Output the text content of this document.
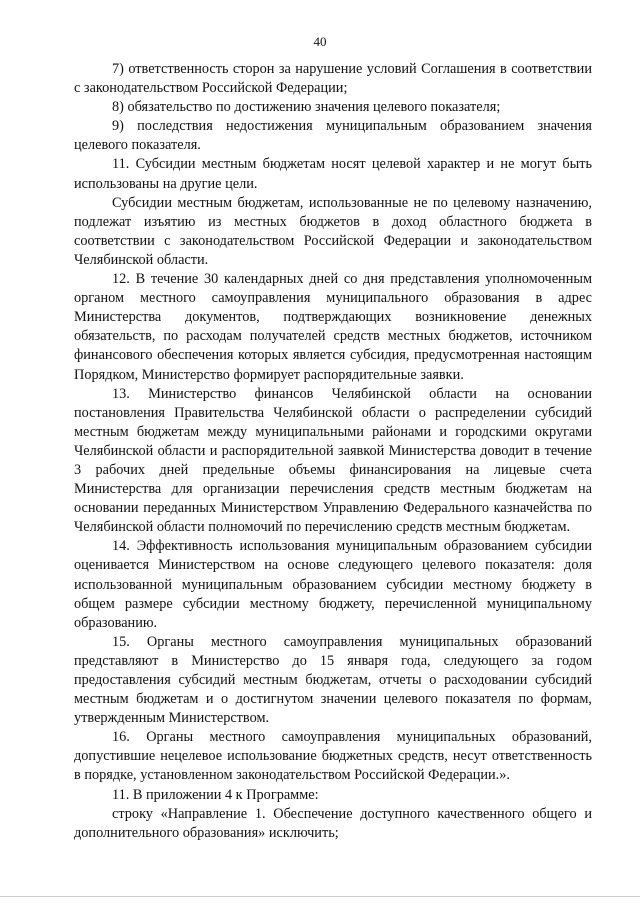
40

7) ответственность сторон за нарушение условий Соглашения в соответствии с законодательством Российской Федерации;

8) обязательство по достижению значения целевого показателя;

9) последствия недостижения муниципальным образованием значения целевого показателя.

11. Субсидии местным бюджетам носят целевой характер и не могут быть использованы на другие цели.

Субсидии местным бюджетам, использованные не по целевому назначению, подлежат изъятию из местных бюджетов в доход областного бюджета в соответствии с законодательством Российской Федерации и законодательством Челябинской области.

12. В течение 30 календарных дней со дня представления уполномоченным органом местного самоуправления муниципального образования в адрес Министерства документов, подтверждающих возникновение денежных обязательств, по расходам получателей средств местных бюджетов, источником финансового обеспечения которых является субсидия, предусмотренная настоящим Порядком, Министерство формирует распорядительные заявки.

13. Министерство финансов Челябинской области на основании постановления Правительства Челябинской области о распределении субсидий местным бюджетам между муниципальными районами и городскими округами Челябинской области и распорядительной заявкой Министерства доводит в течение 3 рабочих дней предельные объемы финансирования на лицевые счета Министерства для организации перечисления средств местным бюджетам на основании переданных Министерством Управлению Федерального казначейства по Челябинской области полномочий по перечислению средств местным бюджетам.

14. Эффективность использования муниципальным образованием субсидии оценивается Министерством на основе следующего целевого показателя: доля использованной муниципальным образованием субсидии местному бюджету в общем размере субсидии местному бюджету, перечисленной муниципальному образованию.

15. Органы местного самоуправления муниципальных образований представляют в Министерство до 15 января года, следующего за годом предоставления субсидий местным бюджетам, отчеты о расходовании субсидий местным бюджетам и о достигнутом значении целевого показателя по формам, утвержденным Министерством.

16. Органы местного самоуправления муниципальных образований, допустившие нецелевое использование бюджетных средств, несут ответственность в порядке, установленном законодательством Российской Федерации.».

11. В приложении 4 к Программе:

строку «Направление 1. Обеспечение доступного качественного общего и дополнительного образования» исключить;
